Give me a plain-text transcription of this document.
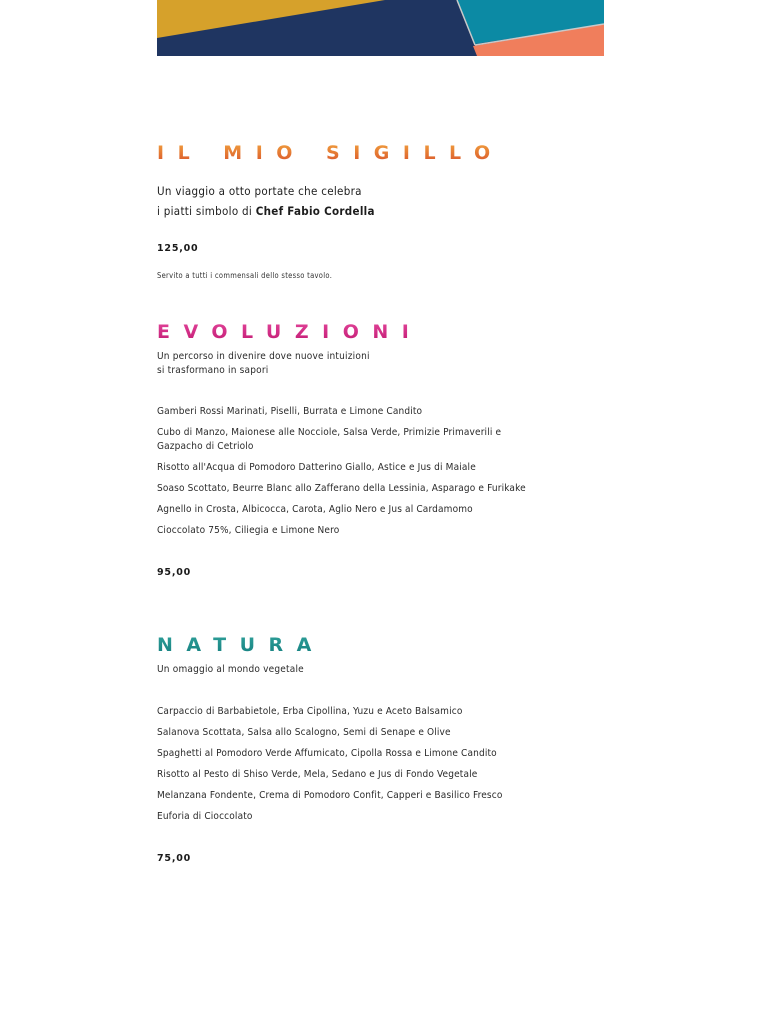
IL MIO SIGILLO

Un viaggio a otto portate che celebra

i piatti simbolo di Chef Fabio Cordella

125,00

Servito a tutti i commensali dello stesso tavolo.

EVOLUZIONI

Un percorso in divenire dove nuove intuizioni

si trasformano in sapori

Gamberi Rossi Marinati, Piselli, Burrata e Limone Candito

Cubo di Manzo, Maionese alle Nocciole, Salsa Verde, Primizie Primaverili e Gazpacho di Cetriolo

Risotto all'Acqua di Pomodoro Datterino Giallo, Astice e Jus di Maiale

Soaso Scottato, Beurre Blanc allo Zafferano della Lessinia, Asparago e Furikake

Agnello in Crosta, Albicocca, Carota, Aglio Nero e Jus al Cardamomo

Cioccolato 75%, Ciliegia e Limone Nero

95,00

NATURA

Un omaggio al mondo vegetale

Carpaccio di Barbabietole, Erba Cipollina, Yuzu e Aceto Balsamico

Salanova Scottata, Salsa allo Scalogno, Semi di Senape e Olive

Spaghetti al Pomodoro Verde Affumicato, Cipolla Rossa e Limone Candito

Risotto al Pesto di Shiso Verde, Mela, Sedano e Jus di Fondo Vegetale

Melanzana Fondente, Crema di Pomodoro Confit, Capperi e Basilico Fresco

Euforia di Cioccolato

75,00
